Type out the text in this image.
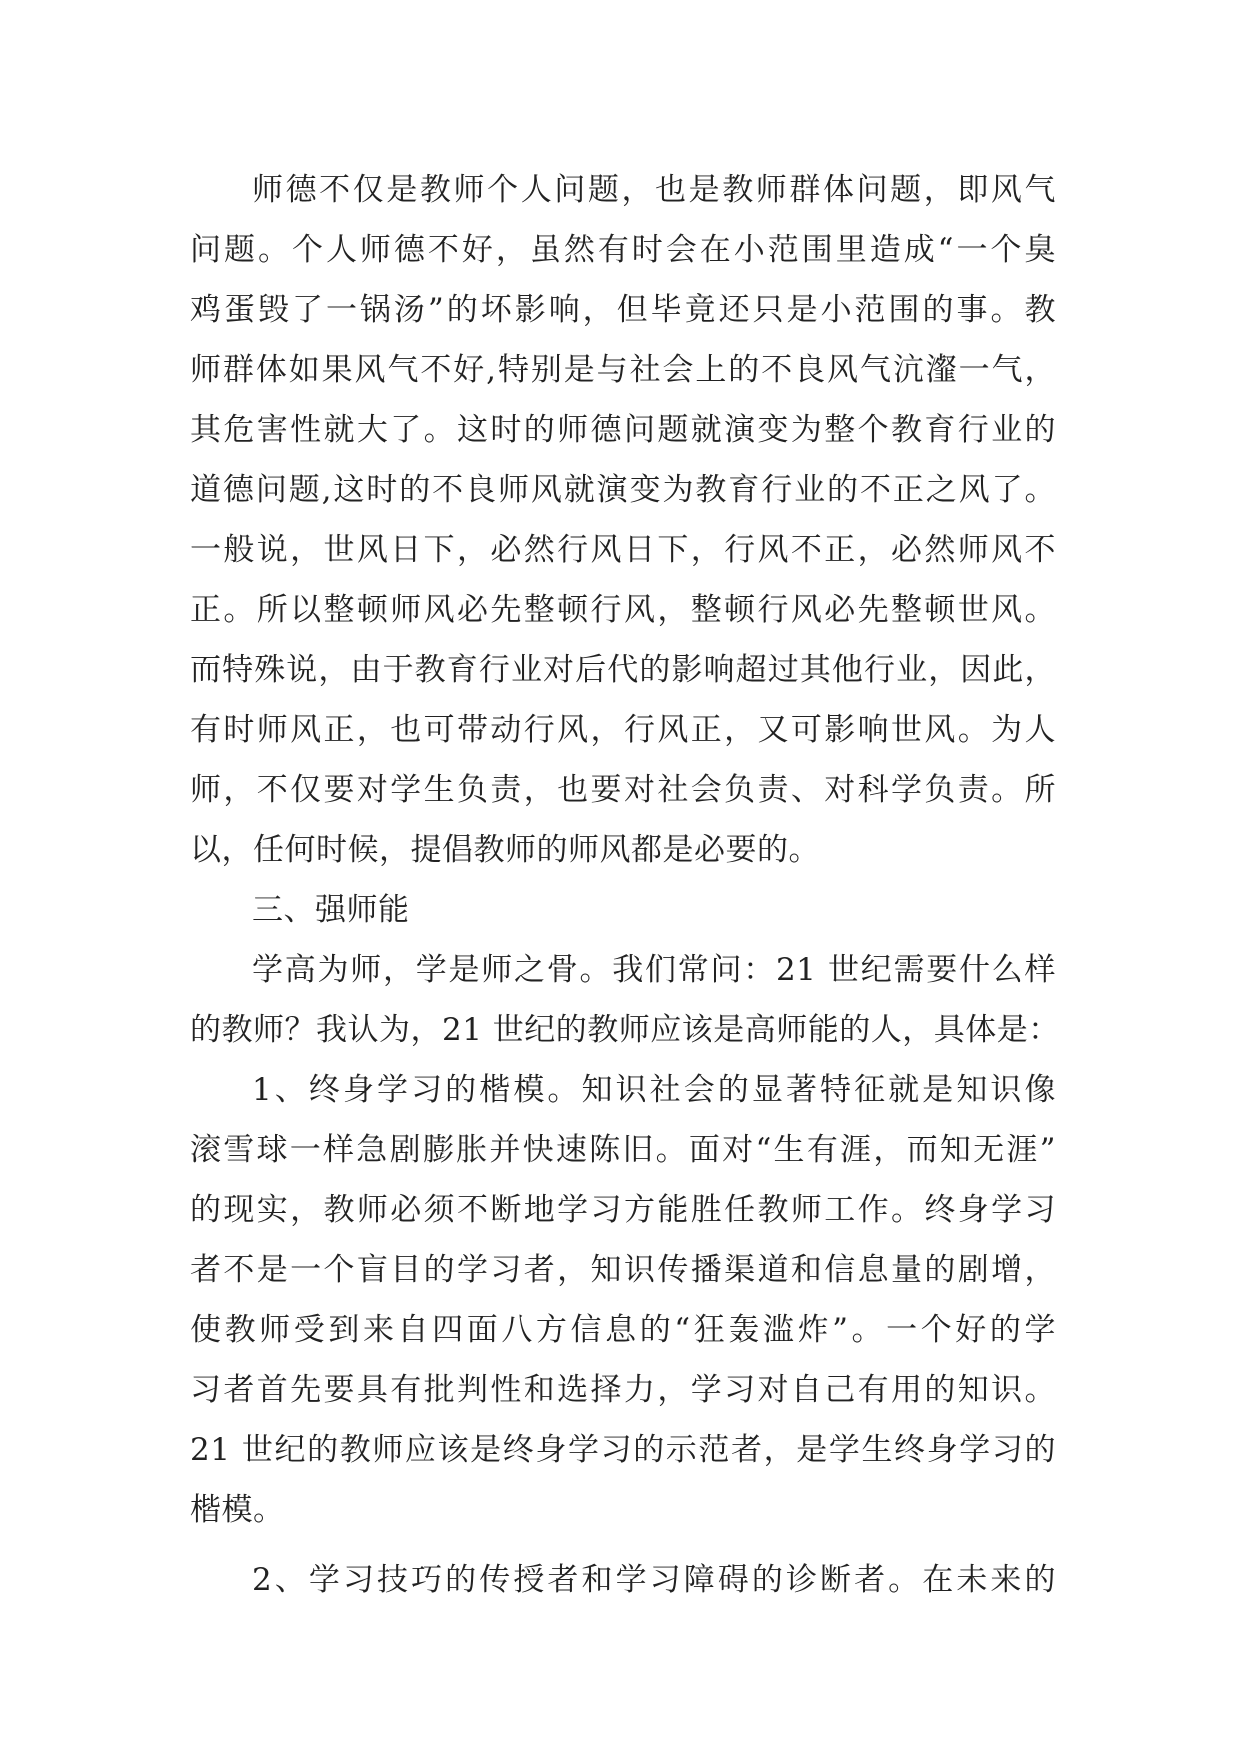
师德不仅是教师个人问题，也是教师群体问题，即风气
问题。个人师德不好，虽然有时会在小范围里造成“一个臭
鸡蛋毁了一锅汤”的坏影响，但毕竟还只是小范围的事。教
师群体如果风气不好,特别是与社会上的不良风气沆瀣一气，
其危害性就大了。这时的师德问题就演变为整个教育行业的
道德问题,这时的不良师风就演变为教育行业的不正之风了。
一般说，世风日下，必然行风日下，行风不正，必然师风不
正。所以整顿师风必先整顿行风，整顿行风必先整顿世风。
而特殊说，由于教育行业对后代的影响超过其他行业，因此，
有时师风正，也可带动行风，行风正，又可影响世风。为人
师，不仅要对学生负责，也要对社会负责、对科学负责。所
以，任何时候，提倡教师的师风都是必要的。
三、强师能
学高为师，学是师之骨。我们常问：21 世纪需要什么样
的教师？我认为，21 世纪的教师应该是高师能的人，具体是：
1、终身学习的楷模。知识社会的显著特征就是知识像
滚雪球一样急剧膨胀并快速陈旧。面对“生有涯，而知无涯”
的现实，教师必须不断地学习方能胜任教师工作。终身学习
者不是一个盲目的学习者，知识传播渠道和信息量的剧增，
使教师受到来自四面八方信息的“狂轰滥炸”。一个好的学
习者首先要具有批判性和选择力，学习对自己有用的知识。
21 世纪的教师应该是终身学习的示范者，是学生终身学习的
楷模。
2、学习技巧的传授者和学习障碍的诊断者。在未来的
